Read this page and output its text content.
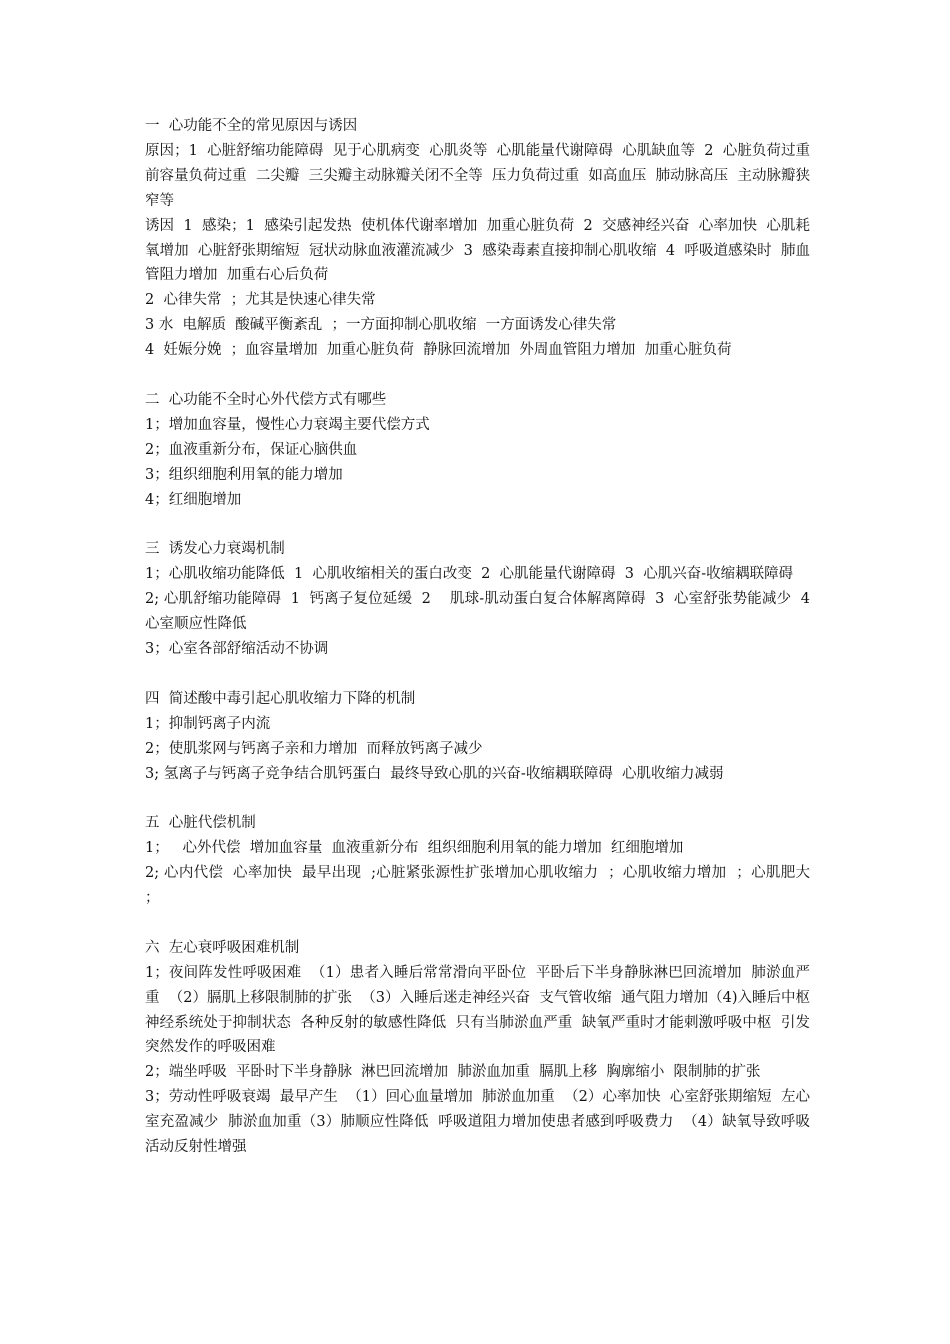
一  心功能不全的常见原因与诱因
原因；1  心脏舒缩功能障碍  见于心肌病变  心肌炎等  心肌能量代谢障碍  心肌缺血等  2  心脏负荷过重  前容量负荷过重  二尖瓣  三尖瓣主动脉瓣关闭不全等  压力负荷过重  如高血压  肺动脉高压  主动脉瓣狭窄等
诱因  1  感染；1  感染引起发热  使机体代谢率增加  加重心脏负荷  2  交感神经兴奋  心率加快  心肌耗氧增加  心脏舒张期缩短  冠状动脉血液灌流减少  3  感染毒素直接抑制心肌收缩  4  呼吸道感染时  肺血管阻力增加  加重右心后负荷
2  心律失常  ；尤其是快速心律失常
3 水  电解质  酸碱平衡紊乱  ；一方面抑制心肌收缩  一方面诱发心律失常
4  妊娠分娩  ；血容量增加  加重心脏负荷  静脉回流增加  外周血管阻力增加  加重心脏负荷
二  心功能不全时心外代偿方式有哪些
1；增加血容量，慢性心力衰竭主要代偿方式
2；血液重新分布，保证心脑供血
3；组织细胞利用氧的能力增加
4；红细胞增加
三  诱发心力衰竭机制
1；心肌收缩功能降低  1  心肌收缩相关的蛋白改变  2  心肌能量代谢障碍  3  心肌兴奋-收缩耦联障碍
2; 心肌舒缩功能障碍  1  钙离子复位延缓  2    肌球-肌动蛋白复合体解离障碍  3  心室舒张势能减少  4  心室顺应性降低
3；心室各部舒缩活动不协调
四  简述酸中毒引起心肌收缩力下降的机制
1；抑制钙离子内流
2；使肌浆网与钙离子亲和力增加  而释放钙离子减少
3; 氢离子与钙离子竞争结合肌钙蛋白  最终导致心肌的兴奋-收缩耦联障碍  心肌收缩力减弱
五  心脏代偿机制
1；   心外代偿  增加血容量  血液重新分布  组织细胞利用氧的能力增加  红细胞增加
2; 心内代偿  心率加快  最早出现  ;心脏紧张源性扩张增加心肌收缩力  ；心肌收缩力增加  ；心肌肥大  ；
六  左心衰呼吸困难机制
1；夜间阵发性呼吸困难  （1）患者入睡后常常滑向平卧位  平卧后下半身静脉淋巴回流增加  肺淤血严重  （2）膈肌上移限制肺的扩张  （3）入睡后迷走神经兴奋  支气管收缩  通气阻力增加（4)入睡后中枢神经系统处于抑制状态  各种反射的敏感性降低  只有当肺淤血严重  缺氧严重时才能刺激呼吸中枢  引发突然发作的呼吸困难
2；端坐呼吸  平卧时下半身静脉  淋巴回流增加  肺淤血加重  膈肌上移  胸廓缩小  限制肺的扩张
3；劳动性呼吸衰竭  最早产生  （1）回心血量增加  肺淤血加重  （2）心率加快  心室舒张期缩短  左心室充盈减少  肺淤血加重（3）肺顺应性降低  呼吸道阻力增加使患者感到呼吸费力  （4）缺氧导致呼吸活动反射性增强
